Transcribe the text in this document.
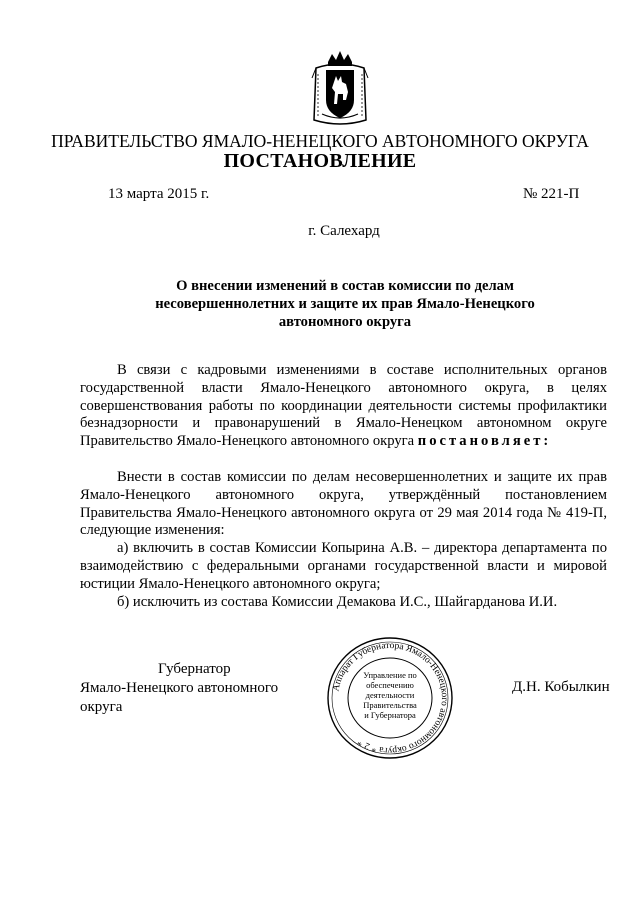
ПРАВИТЕЛЬСТВО ЯМАЛО-НЕНЕЦКОГО АВТОНОМНОГО ОКРУГА
ПОСТАНОВЛЕНИЕ
13 марта 2015 г.	№ 221-П
г. Салехард
О внесении изменений в состав комиссии по делам
несовершеннолетних и защите их прав Ямало-Ненецкого
автономного округа
В связи с кадровыми изменениями в составе исполнительных органов государственной власти Ямало-Ненецкого автономного округа, в целях совершенствования работы по координации деятельности системы профилактики безнадзорности и правонарушений в Ямало-Ненецком автономном округе Правительство Ямало-Ненецкого автономного округа постановляет:
Внести в состав комиссии по делам несовершеннолетних и защите их прав Ямало-Ненецкого автономного округа, утверждённый постановлением Правительства Ямало-Ненецкого автономного округа от 29 мая 2014 года № 419-П, следующие изменения:
а) включить в состав Комиссии Копырина А.В. – директора департамента по взаимодействию с федеральными органами государственной власти и мировой юстиции Ямало-Ненецкого автономного округа;
б) исключить из состава Комиссии Демакова И.С., Шайгарданова И.И.
Губернатор
Ямало-Ненецкого автономного округа
Аппарат Губернатора Ямало-Ненецкого автономного округа * 2 *
Управление по
обеспечению
деятельности
Правительства
и Губернатора
Д.Н. Кобылкин
